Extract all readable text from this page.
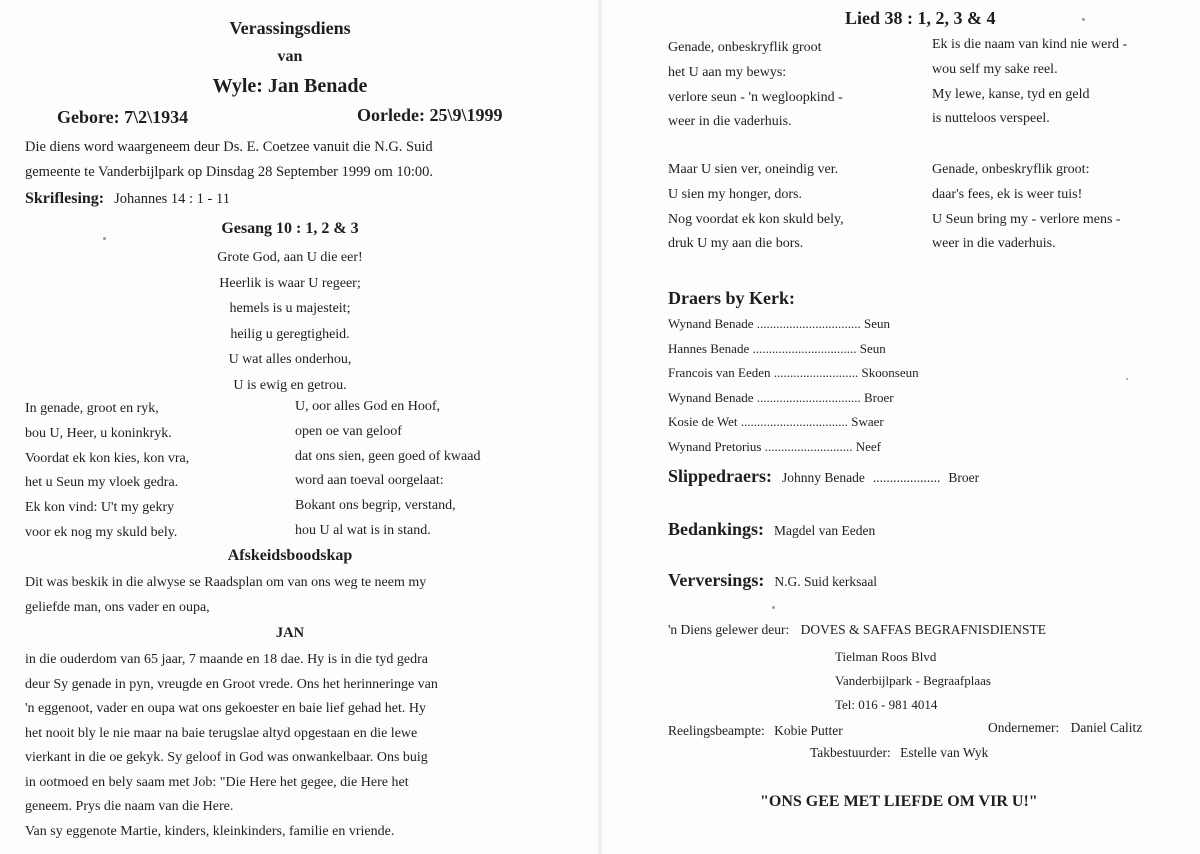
Verassingsdiens
van
Wyle: Jan Benade
Gebore: 7\2\1934	Oorlede: 25\9\1999
Die diens word waargeneem deur Ds. E. Coetzee vanuit die N.G. Suid
gemeente te Vanderbijlpark op Dinsdag 28 September 1999 om 10:00.
Skriflesing: Johannes 14 : 1 - 11
Gesang 10 : 1, 2 & 3
Grote God, aan U die eer!
Heerlik is waar U regeer;
hemels is u majesteit;
heilig u geregtigheid.
U wat alles onderhou,
U is ewig en getrou.
In genade, groot en ryk,
bou U, Heer, u koninkryk.
Voordat ek kon kies, kon vra,
het u Seun my vloek gedra.
Ek kon vind: U't my gekry
voor ek nog my skuld bely.
U, oor alles God en Hoof,
open oe van geloof
dat ons sien, geen goed of kwaad
word aan toeval oorgelaat:
Bokant ons begrip, verstand,
hou U al wat is in stand.
Afskeidsboodskap
Dit was beskik in die alwyse se Raadsplan om van ons weg te neem my
geliefde man, ons vader en oupa,
JAN
in die ouderdom van 65 jaar, 7 maande en 18 dae. Hy is in die tyd gedra
deur Sy genade in pyn, vreugde en Groot vrede. Ons het herinneringe van
'n eggenoot, vader en oupa wat ons gekoester en baie lief gehad het. Hy
het nooit bly le nie maar na baie terugslae altyd opgestaan en die lewe
vierkant in die oe gekyk. Sy geloof in God was onwankelbaar. Ons buig
in ootmoed en bely saam met Job: "Die Here het gegee, die Here het
geneem. Prys die naam van die Here.
Van sy eggenote Martie, kinders, kleinkinders, familie en vriende.
Lied 38 : 1, 2, 3 & 4
Genade, onbeskryflik groot
het U aan my bewys:
verlore seun - 'n wegloopkind -
weer in die vaderhuis.
Ek is die naam van kind nie werd -
wou self my sake reel.
My lewe, kanse, tyd en geld
is nutteloos verspeel.
Maar U sien ver, oneindig ver.
U sien my honger, dors.
Nog voordat ek kon skuld bely,
druk U my aan die bors.
Genade, onbeskryflik groot:
daar's fees, ek is weer tuis!
U Seun bring my - verlore mens -
weer in die vaderhuis.
Draers by Kerk:
Wynand Benade ................................ Seun
Hannes Benade ................................ Seun
Francois van Eeden .......................... Skoonseun
Wynand Benade ................................ Broer
Kosie de Wet ................................. Swaer
Wynand Pretorius ........................... Neef
Slippedraers: Johnny Benade .................... Broer
Bedankings: Magdel van Eeden
Verversings: N.G. Suid kerksaal
'n Diens gelewer deur: DOVES & SAFFAS BEGRAFNISDIENSTE
Tielman Roos Blvd
Vanderbijlpark - Begraafplaas
Tel: 016 - 981 4014
Reelingsbeampte: Kobie Putter	Ondernemer: Daniel Calitz
Takbestuurder: Estelle van Wyk
"ONS GEE MET LIEFDE OM VIR U!"
